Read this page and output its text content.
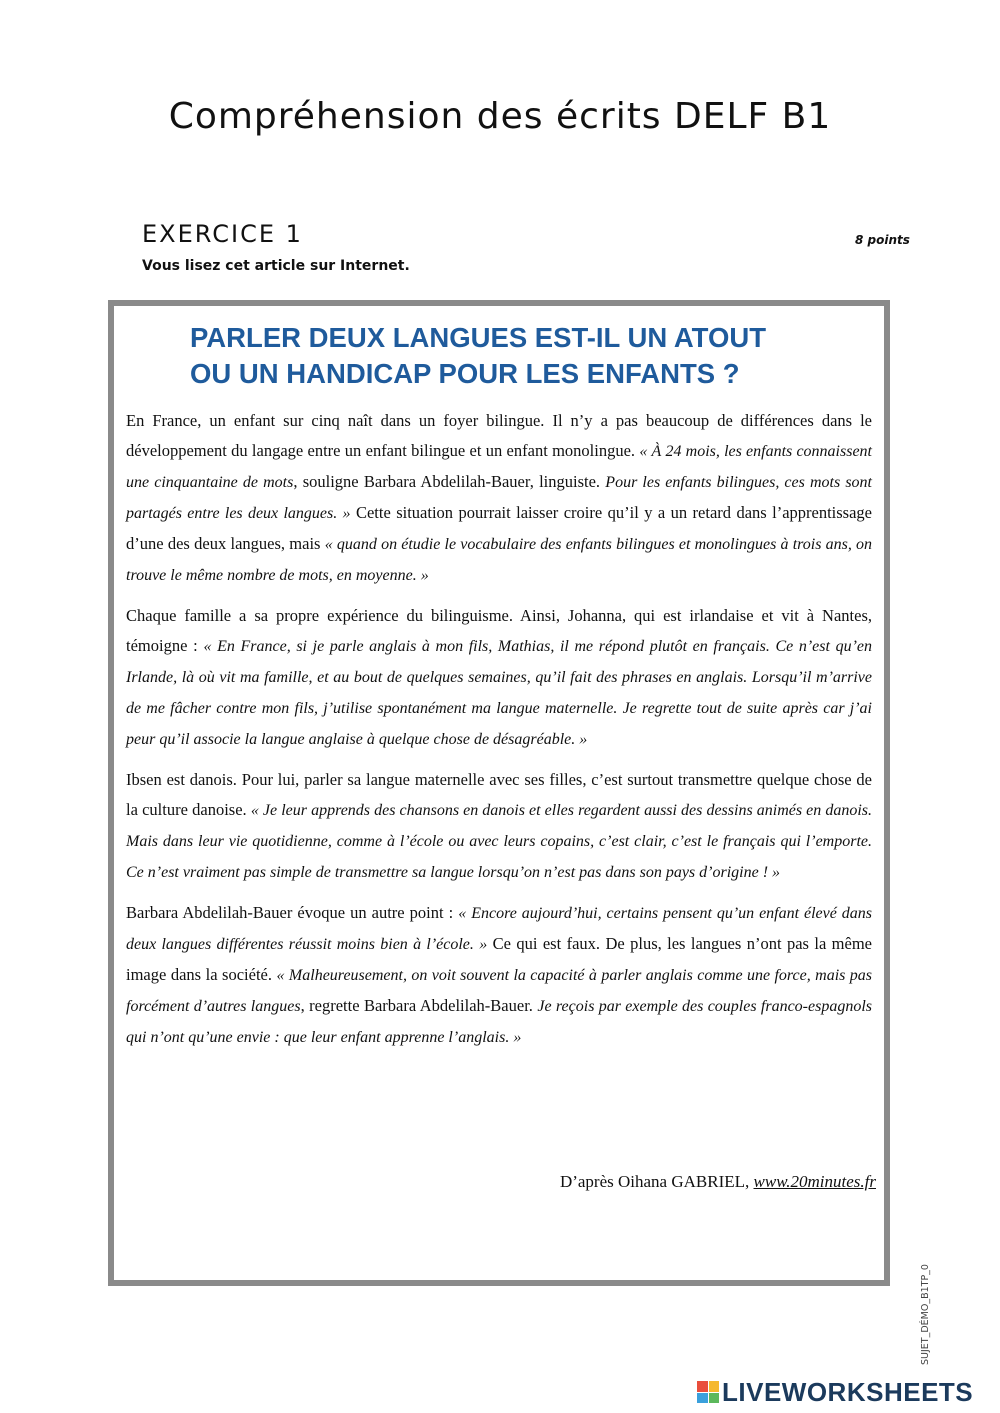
Compréhension des écrits DELF B1
EXERCICE 1
Vous lisez cet article sur Internet.
8 points
PARLER DEUX LANGUES EST-IL UN ATOUT
OU UN HANDICAP POUR LES ENFANTS ?

En France, un enfant sur cinq naît dans un foyer bilingue. Il n’y a pas beaucoup de différences dans le développement du langage entre un enfant bilingue et un enfant monolingue. « À 24 mois, les enfants connaissent une cinquantaine de mots, souligne Barbara Abdelilah-Bauer, linguiste. Pour les enfants bilingues, ces mots sont partagés entre les deux langues. » Cette situation pourrait laisser croire qu’il y a un retard dans l’apprentissage d’une des deux langues, mais « quand on étudie le vocabulaire des enfants bilingues et monolingues à trois ans, on trouve le même nombre de mots, en moyenne. »

Chaque famille a sa propre expérience du bilinguisme. Ainsi, Johanna, qui est irlandaise et vit à Nantes, témoigne : « En France, si je parle anglais à mon fils, Mathias, il me répond plutôt en français. Ce n’est qu’en Irlande, là où vit ma famille, et au bout de quelques semaines, qu’il fait des phrases en anglais. Lorsqu’il m’arrive de me fâcher contre mon fils, j’utilise spontanément ma langue maternelle. Je regrette tout de suite après car j’ai peur qu’il associe la langue anglaise à quelque chose de désagréable. »

Ibsen est danois. Pour lui, parler sa langue maternelle avec ses filles, c’est surtout transmettre quelque chose de la culture danoise. « Je leur apprends des chansons en danois et elles regardent aussi des dessins animés en danois. Mais dans leur vie quotidienne, comme à l’école ou avec leurs copains, c’est clair, c’est le français qui l’emporte. Ce n’est vraiment pas simple de transmettre sa langue lorsqu’on n’est pas dans son pays d’origine ! »

Barbara Abdelilah-Bauer évoque un autre point : « Encore aujourd’hui, certains pensent qu’un enfant élevé dans deux langues différentes réussit moins bien à l’école. » Ce qui est faux. De plus, les langues n’ont pas la même image dans la société. « Malheureusement, on voit souvent la capacité à parler anglais comme une force, mais pas forcément d’autres langues, regrette Barbara Abdelilah-Bauer. Je reçois par exemple des couples franco-espagnols qui n’ont qu’une envie : que leur enfant apprenne l’anglais. »

D’après Oihana GABRIEL, www.20minutes.fr
SUJET_DÉMO_B1TP_0
LIVEWORKSHEETS
